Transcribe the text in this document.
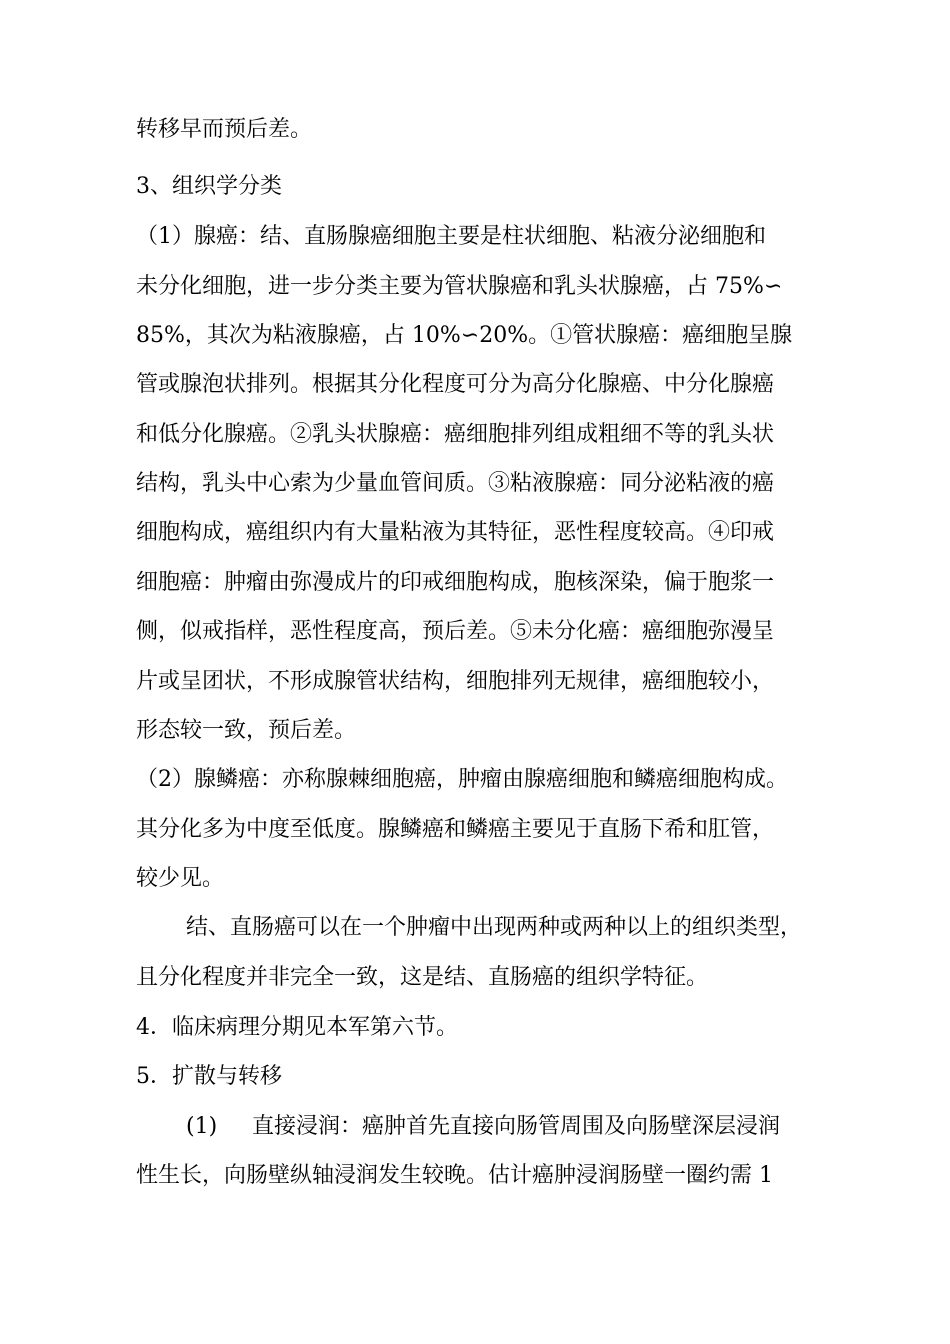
转移早而预后差。
3、组织学分类
（1）腺癌：结、直肠腺癌细胞主要是柱状细胞、粘液分泌细胞和
未分化细胞，进一步分类主要为管状腺癌和乳头状腺癌，占 75%∽
85%，其次为粘液腺癌，占 10%∽20%。①管状腺癌：癌细胞呈腺
管或腺泡状排列。根据其分化程度可分为高分化腺癌、中分化腺癌
和低分化腺癌。②乳头状腺癌：癌细胞排列组成粗细不等的乳头状
结构，乳头中心索为少量血管间质。③粘液腺癌：同分泌粘液的癌
细胞构成，癌组织内有大量粘液为其特征，恶性程度较高。④印戒
细胞癌：肿瘤由弥漫成片的印戒细胞构成，胞核深染，偏于胞浆一
侧，似戒指样，恶性程度高，预后差。⑤未分化癌：癌细胞弥漫呈
片或呈团状，不形成腺管状结构，细胞排列无规律，癌细胞较小，
形态较一致，预后差。
（2）腺鳞癌：亦称腺棘细胞癌，肿瘤由腺癌细胞和鳞癌细胞构成。
其分化多为中度至低度。腺鳞癌和鳞癌主要见于直肠下希和肛管，
较少见。
结、直肠癌可以在一个肿瘤中出现两种或两种以上的组织类型，
且分化程度并非完全一致，这是结、直肠癌的组织学特征。
4．临床病理分期见本军第六节。
5．扩散与转移
(1) 直接浸润：癌肿首先直接向肠管周围及向肠壁深层浸润
性生长，向肠壁纵轴浸润发生较晚。估计癌肿浸润肠壁一圈约需 1
